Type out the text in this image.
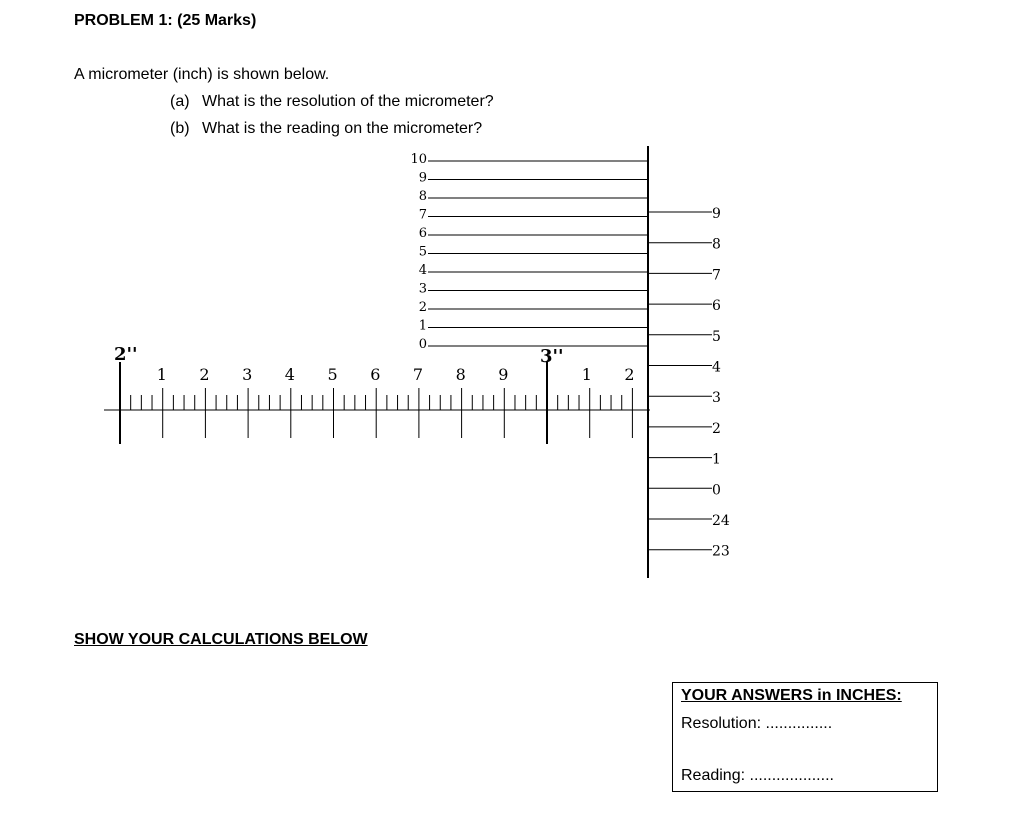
PROBLEM 1: (25 Marks)
A micrometer (inch) is shown below.
(a) What is the resolution of the micrometer?
(b) What is the reading on the micrometer?
1 2 3 4 5 6 7 8 9	1 2
2''	3''
0
1
2
3
4
5
6
7
8
9
10
9
8
7
6
5
4
3
2
1
0
24
23
SHOW YOUR CALCULATIONS BELOW
YOUR ANSWERS in INCHES:
Resolution: ...............
Reading: ...................
